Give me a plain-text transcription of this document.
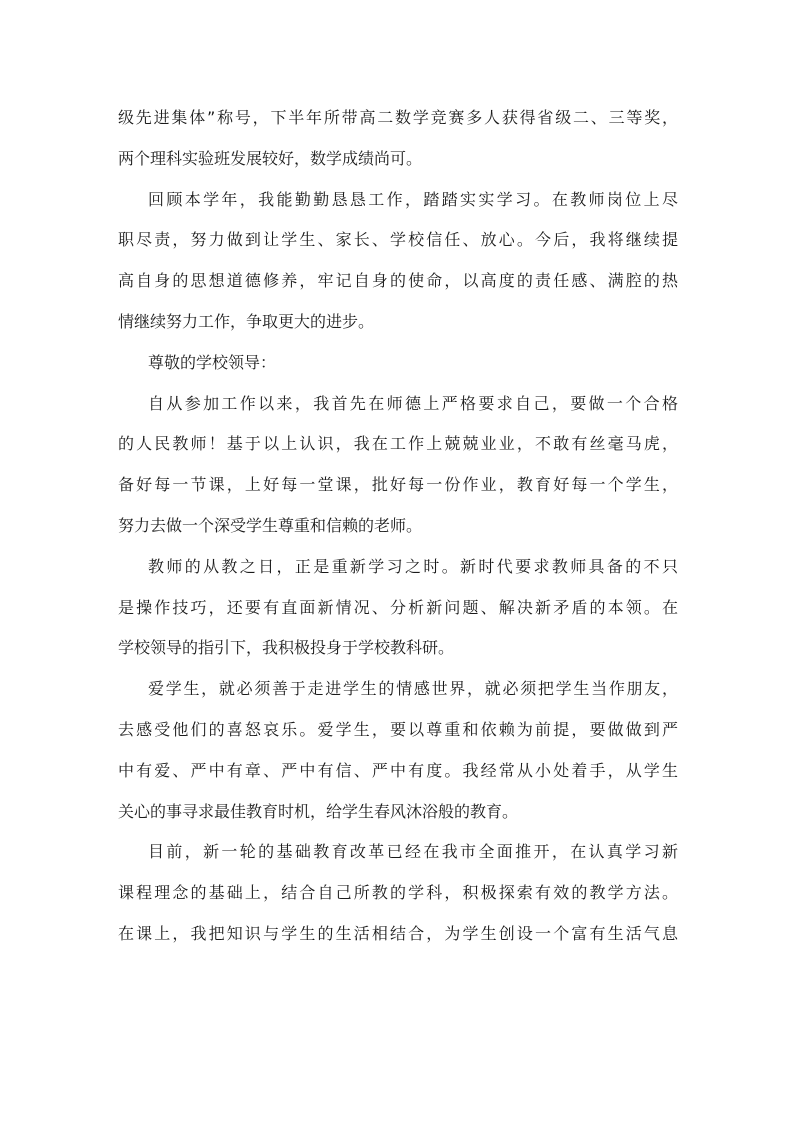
级先进集体”称号，下半年所带高二数学竞赛多人获得省级二、三等奖，
两个理科实验班发展较好，数学成绩尚可。
回顾本学年，我能勤勤恳恳工作，踏踏实实学习。在教师岗位上尽
职尽责，努力做到让学生、家长、学校信任、放心。今后，我将继续提
高自身的思想道德修养，牢记自身的使命，以高度的责任感、满腔的热
情继续努力工作，争取更大的进步。
尊敬的学校领导：
自从参加工作以来，我首先在师德上严格要求自己，要做一个合格
的人民教师！基于以上认识，我在工作上兢兢业业，不敢有丝毫马虎，
备好每一节课，上好每一堂课，批好每一份作业，教育好每一个学生，
努力去做一个深受学生尊重和信赖的老师。
教师的从教之日，正是重新学习之时。新时代要求教师具备的不只
是操作技巧，还要有直面新情况、分析新问题、解决新矛盾的本领。在
学校领导的指引下，我积极投身于学校教科研。
爱学生，就必须善于走进学生的情感世界，就必须把学生当作朋友，
去感受他们的喜怒哀乐。爱学生，要以尊重和依赖为前提，要做做到严
中有爱、严中有章、严中有信、严中有度。我经常从小处着手，从学生
关心的事寻求最佳教育时机，给学生春风沐浴般的教育。
目前，新一轮的基础教育改革已经在我市全面推开，在认真学习新
课程理念的基础上，结合自己所教的学科，积极探索有效的教学方法。
在课上，我把知识与学生的生活相结合，为学生创设一个富有生活气息
